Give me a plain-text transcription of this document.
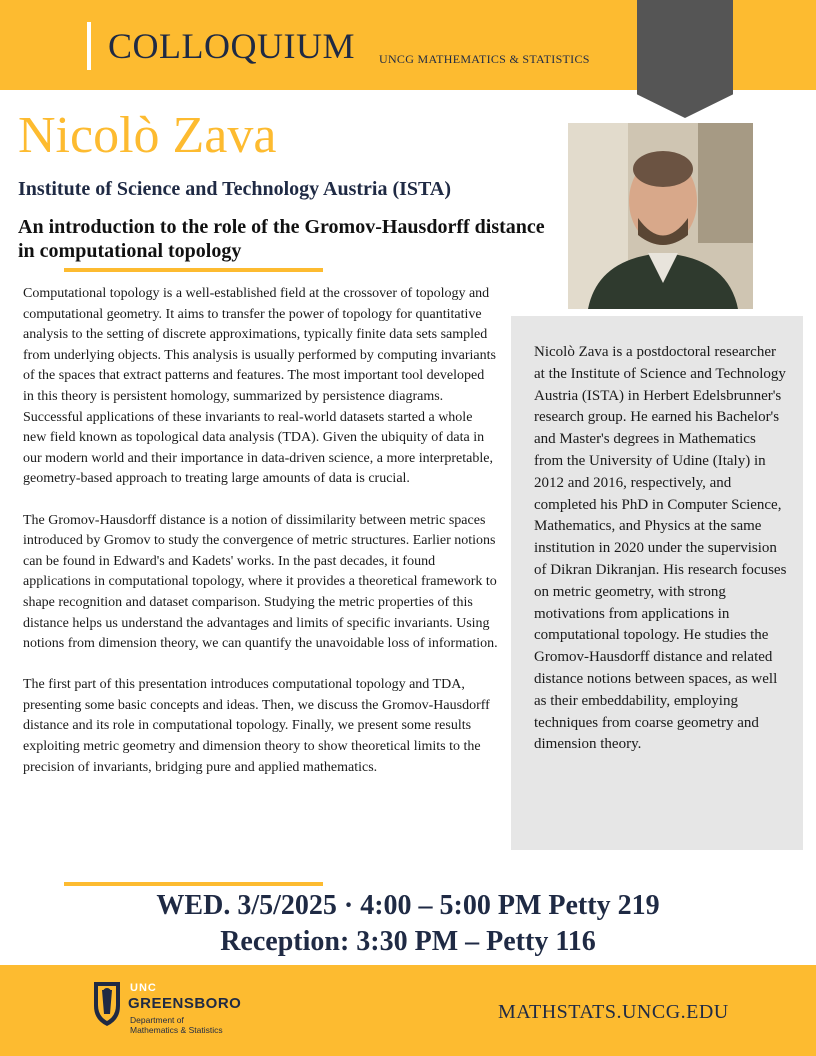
COLLOQUIUM UNCG MATHEMATICS & STATISTICS
Nicolò Zava
Institute of Science and Technology Austria (ISTA)
An introduction to the role of the Gromov-Hausdorff distance in computational topology

Computational topology is a well-established field at the crossover of topology and computational geometry. It aims to transfer the power of topology for quantitative analysis to the setting of discrete approximations, typically finite data sets sampled from underlying objects. This analysis is usually performed by computing invariants of the spaces that extract patterns and features. The most important tool developed in this theory is persistent homology, summarized by persistence diagrams. Successful applications of these invariants to real-world datasets started a whole new field known as topological data analysis (TDA). Given the ubiquity of data in our modern world and their importance in data-driven science, a more interpretable, geometry-based approach to treating large amounts of data is crucial.

The Gromov-Hausdorff distance is a notion of dissimilarity between metric spaces introduced by Gromov to study the convergence of metric structures. Earlier notions can be found in Edward's and Kadets' works. In the past decades, it found applications in computational topology, where it provides a theoretical framework to shape recognition and dataset comparison. Studying the metric properties of this distance helps us understand the advantages and limits of specific invariants. Using notions from dimension theory, we can quantify the unavoidable loss of information.

The first part of this presentation introduces computational topology and TDA, presenting some basic concepts and ideas. Then, we discuss the Gromov-Hausdorff distance and its role in computational topology. Finally, we present some results exploiting metric geometry and dimension theory to show theoretical limits to the precision of invariants, bridging pure and applied mathematics.

Nicolò Zava is a postdoctoral researcher at the Institute of Science and Technology Austria (ISTA) in Herbert Edelsbrunner's research group. He earned his Bachelor's and Master's degrees in Mathematics from the University of Udine (Italy) in 2012 and 2016, respectively, and completed his PhD in Computer Science, Mathematics, and Physics at the same institution in 2020 under the supervision of Dikran Dikranjan. His research focuses on metric geometry, with strong motivations from applications in computational topology. He studies the Gromov-Hausdorff distance and related distance notions between spaces, as well as their embeddability, employing techniques from coarse geometry and dimension theory.
WED. 3/5/2025 · 4:00 – 5:00 PM Petty 219
Reception: 3:30 PM – Petty 116
UNC
GREENSBORO
Department of
Mathematics & Statistics
MATHSTATS.UNCG.EDU
